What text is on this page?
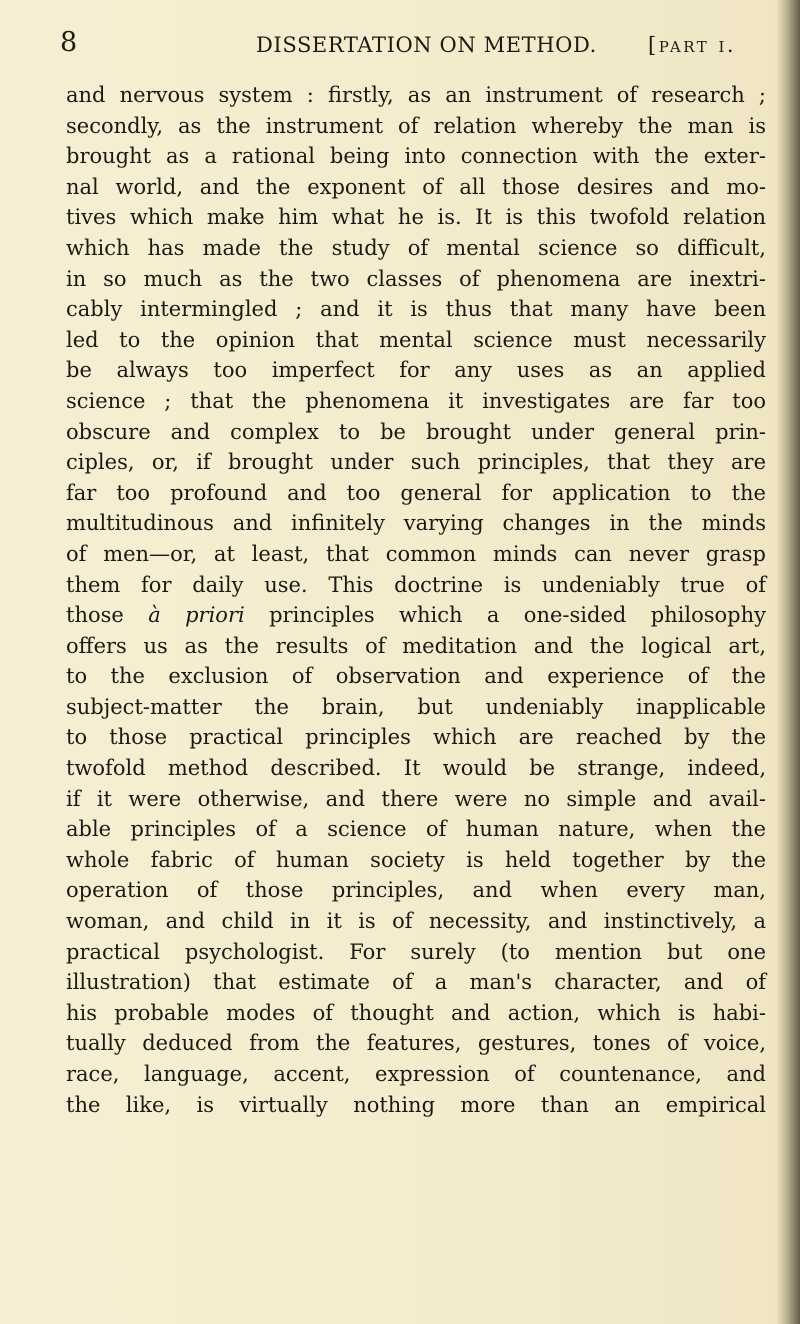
8	DISSERTATION ON METHOD. [part i.
and nervous system : firstly, as an instrument of research ;
secondly, as the instrument of relation whereby the man is
brought as a rational being into connection with the exter-
nal world, and the exponent of all those desires and mo-
tives which make him what he is. It is this twofold relation
which has made the study of mental science so difficult,
in so much as the two classes of phenomena are inextri-
cably intermingled ; and it is thus that many have been
led to the opinion that mental science must necessarily
be always too imperfect for any uses as an applied
science ; that the phenomena it investigates are far too
obscure and complex to be brought under general prin-
ciples, or, if brought under such principles, that they are
far too profound and too general for application to the
multitudinous and infinitely varying changes in the minds
of men—or, at least, that common minds can never grasp
them for daily use. This doctrine is undeniably true of
those à priori principles which a one-sided philosophy
offers us as the results of meditation and the logical art,
to the exclusion of observation and experience of the
subject-matter the brain, but undeniably inapplicable
to those practical principles which are reached by the
twofold method described. It would be strange, indeed,
if it were otherwise, and there were no simple and avail-
able principles of a science of human nature, when the
whole fabric of human society is held together by the
operation of those principles, and when every man,
woman, and child in it is of necessity, and instinctively, a
practical psychologist. For surely (to mention but one
illustration) that estimate of a man's character, and of
his probable modes of thought and action, which is habi-
tually deduced from the features, gestures, tones of voice,
race, language, accent, expression of countenance, and
the like, is virtually nothing more than an empirical
